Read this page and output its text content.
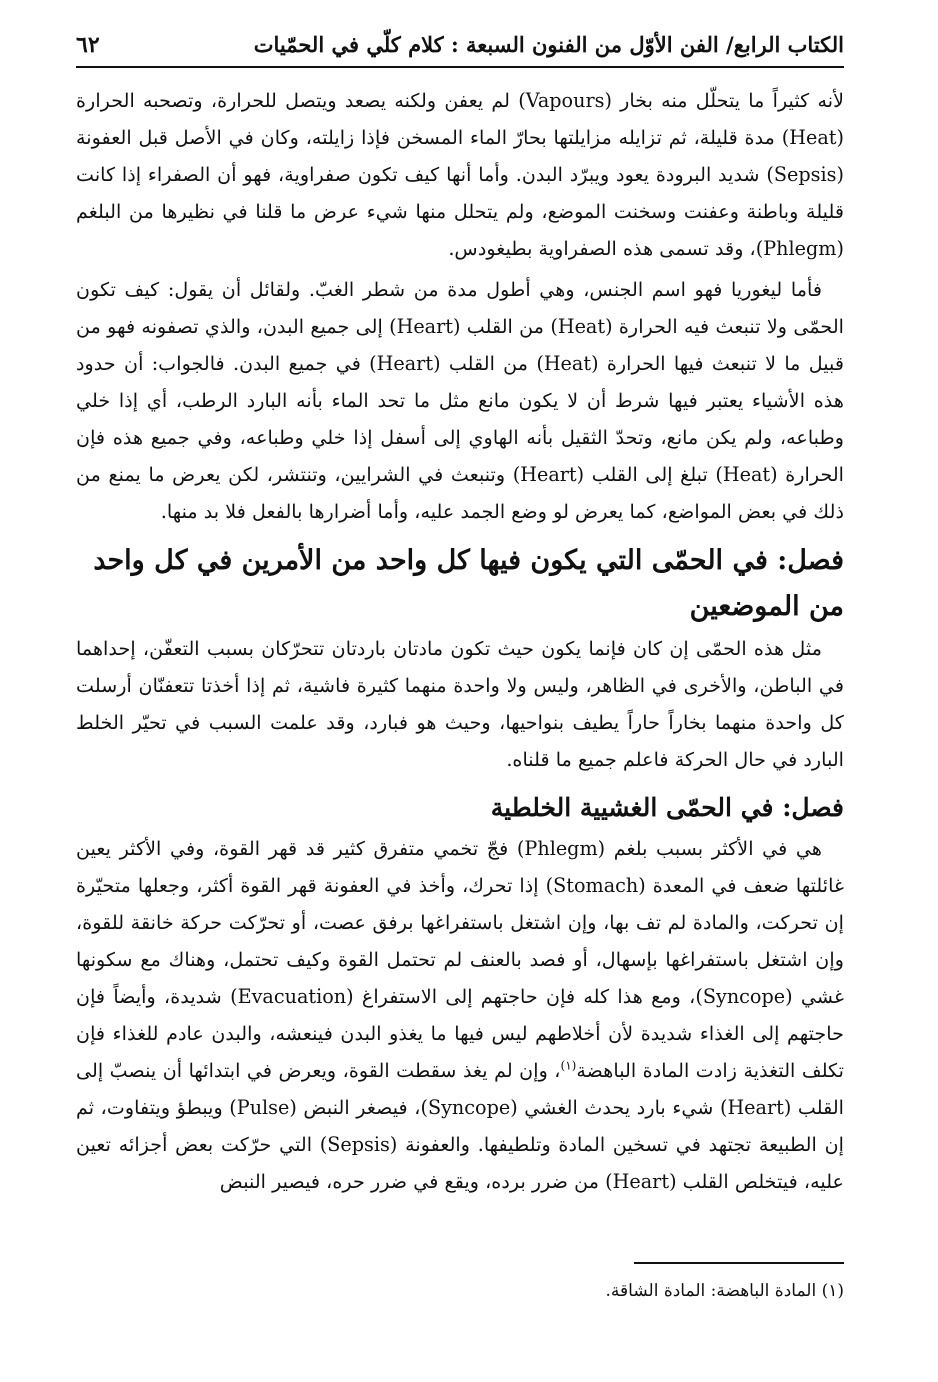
الكتاب الرابع/ الفن الأوّل من الفنون السبعة : كلام كلّي في الحمّيات
٦٢

لأنه كثيراً ما يتحلّل منه بخار (Vapours) لم يعفن ولكنه يصعد ويتصل للحرارة، وتصحبه الحرارة (Heat) مدة قليلة، ثم تزايله مزايلتها بحارّ الماء المسخن فإذا زايلته، وكان في الأصل قبل العفونة (Sepsis) شديد البرودة يعود ويبرّد البدن. وأما أنها كيف تكون صفراوية، فهو أن الصفراء إذا كانت قليلة وباطنة وعفنت وسخنت الموضع، ولم يتحلل منها شيء عرض ما قلنا في نظيرها من البلغم (Phlegm)، وقد تسمى هذه الصفراوية بطيغودس.

فأما ليغوريا فهو اسم الجنس، وهي أطول مدة من شطر الغبّ. ولقائل أن يقول: كيف تكون الحمّى ولا تنبعث فيه الحرارة (Heat) من القلب (Heart) إلى جميع البدن، والذي تصفونه فهو من قبيل ما لا تنبعث فيها الحرارة (Heat) من القلب (Heart) في جميع البدن. فالجواب: أن حدود هذه الأشياء يعتبر فيها شرط أن لا يكون مانع مثل ما تحد الماء بأنه البارد الرطب، أي إذا خلي وطباعه، ولم يكن مانع، وتحدّ الثقيل بأنه الهاوي إلى أسفل إذا خلي وطباعه، وفي جميع هذه فإن الحرارة (Heat) تبلغ إلى القلب (Heart) وتنبعث في الشرايين، وتنتشر، لكن يعرض ما يمنع من ذلك في بعض المواضع، كما يعرض لو وضع الجمد عليه، وأما أضرارها بالفعل فلا بد منها.

فصل: في الحمّى التي يكون فيها كل واحد من الأمرين في كل واحد من الموضعين

مثل هذه الحمّى إن كان فإنما يكون حيث تكون مادتان باردتان تتحرّكان بسبب التعفّن، إحداهما في الباطن، والأخرى في الظاهر، وليس ولا واحدة منهما كثيرة فاشية، ثم إذا أخذتا تتعفنّان أرسلت كل واحدة منهما بخاراً حاراً يطيف بنواحيها، وحيث هو فبارد، وقد علمت السبب في تحيّر الخلط البارد في حال الحركة فاعلم جميع ما قلناه.

فصل: في الحمّى الغشيية الخلطية

هي في الأكثر بسبب بلغم (Phlegm) فجّ تخمي متفرق كثير قد قهر القوة، وفي الأكثر يعين غائلتها ضعف في المعدة (Stomach) إذا تحرك، وأخذ في العفونة قهر القوة أكثر، وجعلها متحيّرة إن تحركت، والمادة لم تف بها، وإن اشتغل باستفراغها برفق عصت، أو تحرّكت حركة خانقة للقوة، وإن اشتغل باستفراغها بإسهال، أو فصد بالعنف لم تحتمل القوة وكيف تحتمل، وهناك مع سكونها غشي (Syncope)، ومع هذا كله فإن حاجتهم إلى الاستفراغ (Evacuation) شديدة، وأيضاً فإن حاجتهم إلى الغذاء شديدة لأن أخلاطهم ليس فيها ما يغذو البدن فينعشه، والبدن عادم للغذاء فإن تكلف التغذية زادت المادة الباهضة$^{(١)}$، وإن لم يغذ سقطت القوة، ويعرض في ابتدائها أن ينصبّ إلى القلب (Heart) شيء بارد يحدث الغشي (Syncope)، فيصغر النبض (Pulse) ويبطؤ ويتفاوت، ثم إن الطبيعة تجتهد في تسخين المادة وتلطيفها. والعفونة (Sepsis) التي حرّكت بعض أجزائه تعين عليه، فيتخلص القلب (Heart) من ضرر برده، ويقع في ضرر حره، فيصير النبض

(١) المادة الباهضة: المادة الشاقة.
